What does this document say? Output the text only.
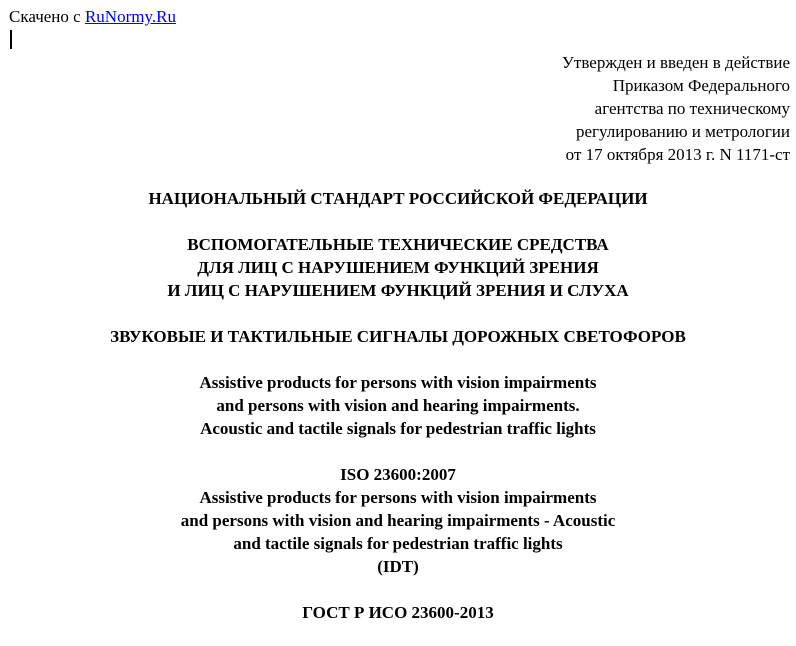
Скачено с RuNormy.Ru
Утвержден и введен в действие
Приказом Федерального
агентства по техническому
регулированию и метрологии
от 17 октября 2013 г. N 1171-ст
НАЦИОНАЛЬНЫЙ СТАНДАРТ РОССИЙСКОЙ ФЕДЕРАЦИИ
ВСПОМОГАТЕЛЬНЫЕ ТЕХНИЧЕСКИЕ СРЕДСТВА
ДЛЯ ЛИЦ С НАРУШЕНИЕМ ФУНКЦИЙ ЗРЕНИЯ
И ЛИЦ С НАРУШЕНИЕМ ФУНКЦИЙ ЗРЕНИЯ И СЛУХА
ЗВУКОВЫЕ И ТАКТИЛЬНЫЕ СИГНАЛЫ ДОРОЖНЫХ СВЕТОФОРОВ
Assistive products for persons with vision impairments
and persons with vision and hearing impairments.
Acoustic and tactile signals for pedestrian traffic lights
ISO 23600:2007
Assistive products for persons with vision impairments
and persons with vision and hearing impairments - Acoustic
and tactile signals for pedestrian traffic lights
(IDT)
ГОСТ Р ИСО 23600-2013
